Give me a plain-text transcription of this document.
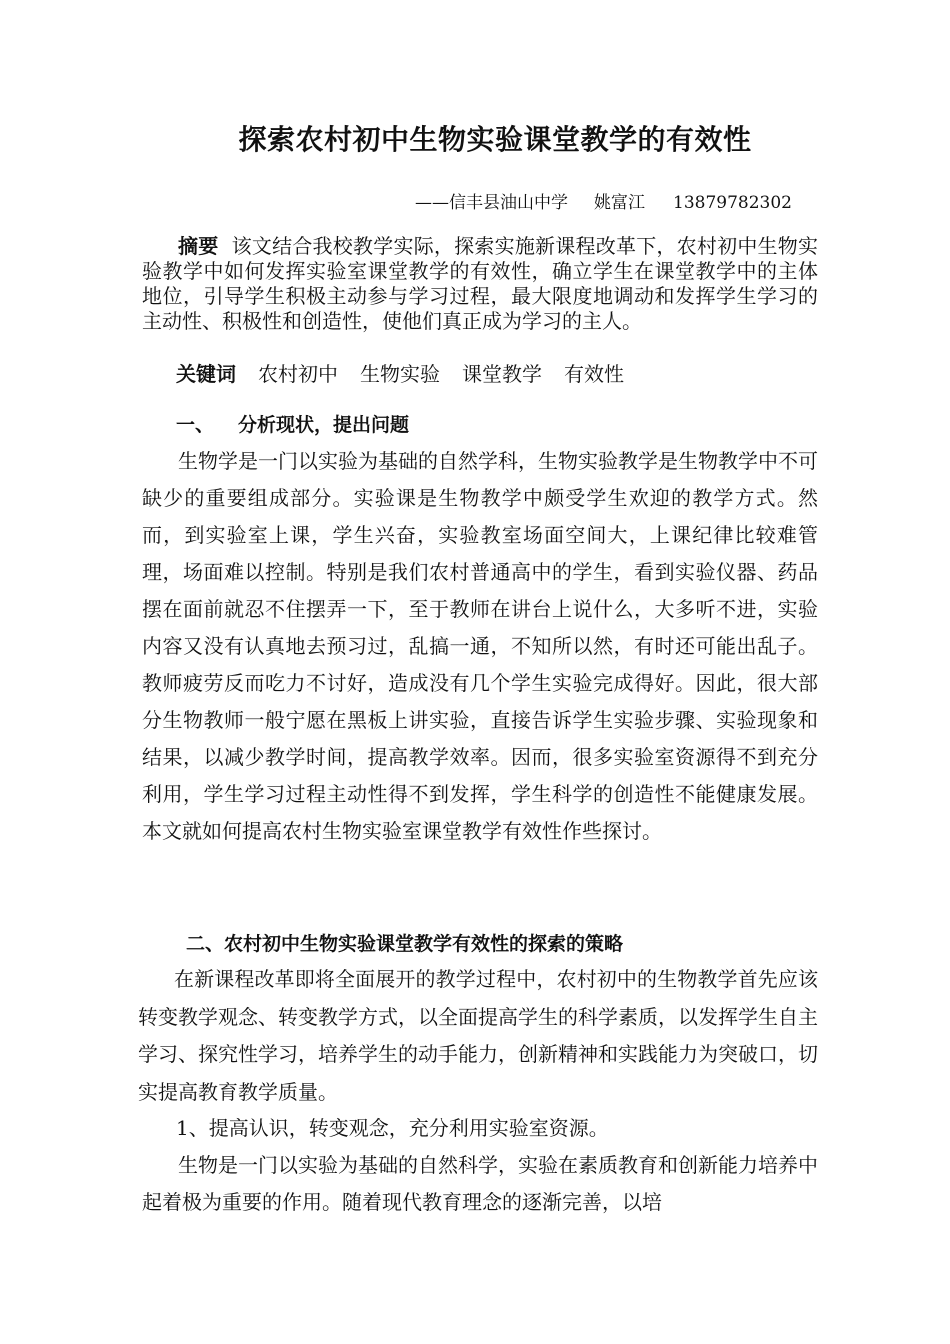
探索农村初中生物实验课堂教学的有效性
——信丰县油山中学 姚富江 13879782302
摘要 该文结合我校教学实际，探索实施新课程改革下，农村初中生物实验教学中如何发挥实验室课堂教学的有效性，确立学生在课堂教学中的主体地位，引导学生积极主动参与学习过程，最大限度地调动和发挥学生学习的主动性、积极性和创造性，使他们真正成为学习的主人。
关键词 农村初中 生物实验 课堂教学 有效性
一、 分析现状，提出问题
生物学是一门以实验为基础的自然学科，生物实验教学是生物教学中不可缺少的重要组成部分。实验课是生物教学中颇受学生欢迎的教学方式。然而，到实验室上课，学生兴奋，实验教室场面空间大，上课纪律比较难管理，场面难以控制。特别是我们农村普通高中的学生，看到实验仪器、药品摆在面前就忍不住摆弄一下，至于教师在讲台上说什么，大多听不进，实验内容又没有认真地去预习过，乱搞一通，不知所以然，有时还可能出乱子。教师疲劳反而吃力不讨好，造成没有几个学生实验完成得好。因此，很大部分生物教师一般宁愿在黑板上讲实验，直接告诉学生实验步骤、实验现象和结果，以减少教学时间，提高教学效率。因而，很多实验室资源得不到充分利用，学生学习过程主动性得不到发挥，学生科学的创造性不能健康发展。本文就如何提高农村生物实验室课堂教学有效性作些探讨。
二、农村初中生物实验课堂教学有效性的探索的策略
在新课程改革即将全面展开的教学过程中，农村初中的生物教学首先应该转变教学观念、转变教学方式，以全面提高学生的科学素质，以发挥学生自主学习、探究性学习，培养学生的动手能力，创新精神和实践能力为突破口，切实提高教育教学质量。
1、提高认识，转变观念，充分利用实验室资源。
生物是一门以实验为基础的自然科学，实验在素质教育和创新能力培养中起着极为重要的作用。随着现代教育理念的逐渐完善，以培
